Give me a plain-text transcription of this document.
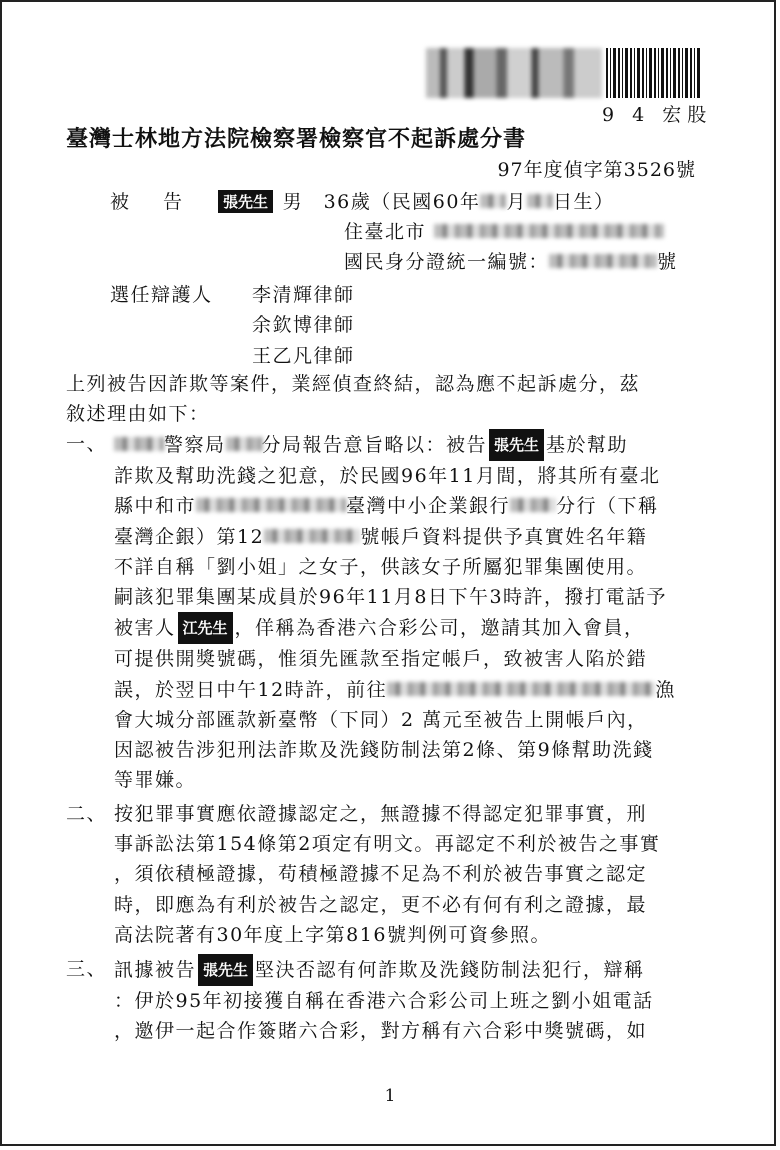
9 4 宏股
臺灣士林地方法院檢察署檢察官不起訴處分書
97年度偵字第3526號
被告 張先生 男　36歲（民國60年 月 日生）
住臺北市
國民身分證統一編號：	號
選任辯護人 李清輝律師
余欽博律師
王乙凡律師
上列被告因詐欺等案件，業經偵查終結，認為應不起訴處分，茲
敘述理由如下：
一、	警察局 分局報告意旨略以：被告 張先生 基於幫助
詐欺及幫助洗錢之犯意，於民國96年11月間，將其所有臺北
縣中和市	臺灣中小企業銀行 分行（下稱
臺灣企銀）第12	號帳戶資料提供予真實姓名年籍
不詳自稱「劉小姐」之女子，供該女子所屬犯罪集團使用。
嗣該犯罪集團某成員於96年11月8日下午3時許，撥打電話予
被害人 江先生 ，佯稱為香港六合彩公司，邀請其加入會員，
可提供開獎號碼，惟須先匯款至指定帳戶，致被害人陷於錯
誤，於翌日中午12時許，前往	漁
會大城分部匯款新臺幣（下同）2 萬元至被告上開帳戶內，
因認被告涉犯刑法詐欺及洗錢防制法第2條、第9條幫助洗錢
等罪嫌。
二、 按犯罪事實應依證據認定之，無證據不得認定犯罪事實，刑
事訴訟法第154條第2項定有明文。再認定不利於被告之事實
，須依積極證據，苟積極證據不足為不利於被告事實之認定
時，即應為有利於被告之認定，更不必有何有利之證據，最
高法院著有30年度上字第816號判例可資參照。
三、 訊據被告 張先生 堅決否認有何詐欺及洗錢防制法犯行，辯稱
：伊於95年初接獲自稱在香港六合彩公司上班之劉小姐電話
，邀伊一起合作簽賭六合彩，對方稱有六合彩中獎號碼，如
1
